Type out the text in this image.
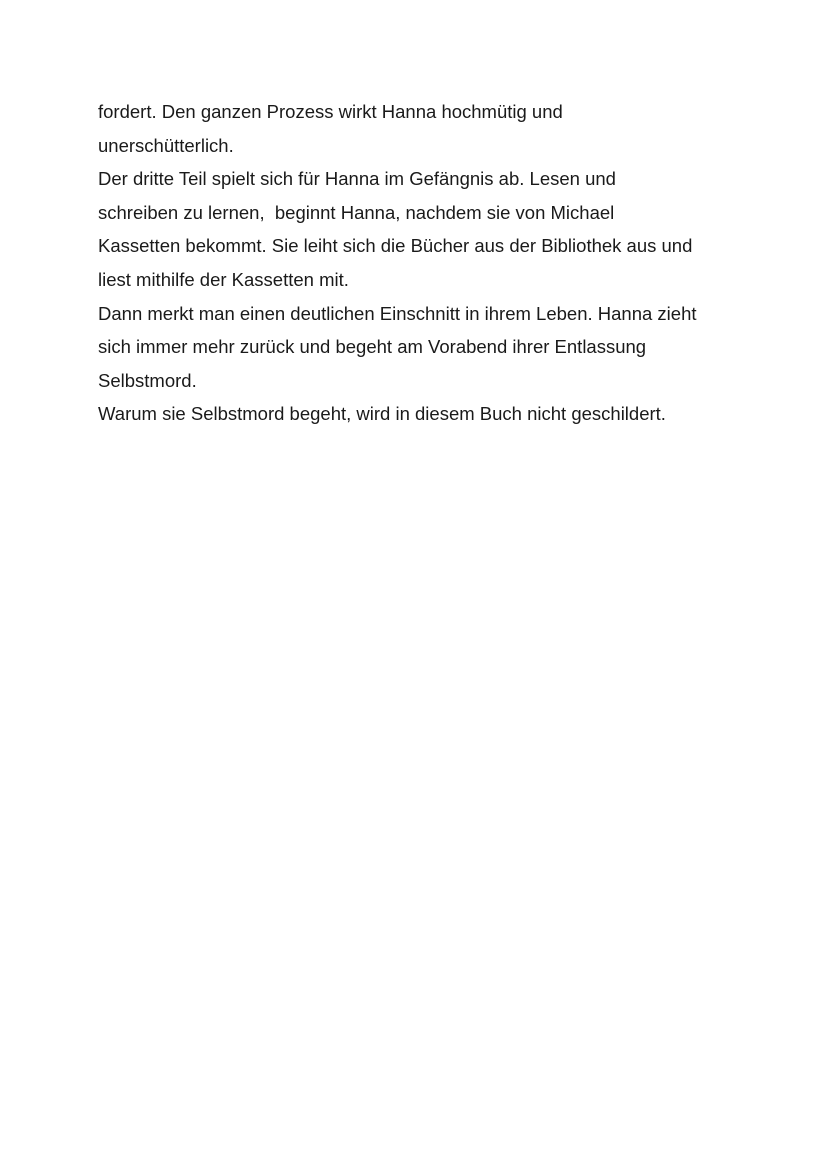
fordert. Den ganzen Prozess wirkt Hanna hochmütig und

unerschütterlich.

Der dritte Teil spielt sich für Hanna im Gefängnis ab. Lesen und

schreiben zu lernen,  beginnt Hanna, nachdem sie von Michael

Kassetten bekommt. Sie leiht sich die Bücher aus der Bibliothek aus und

liest mithilfe der Kassetten mit.

Dann merkt man einen deutlichen Einschnitt in ihrem Leben. Hanna zieht

sich immer mehr zurück und begeht am Vorabend ihrer Entlassung

Selbstmord.

Warum sie Selbstmord begeht, wird in diesem Buch nicht geschildert.
